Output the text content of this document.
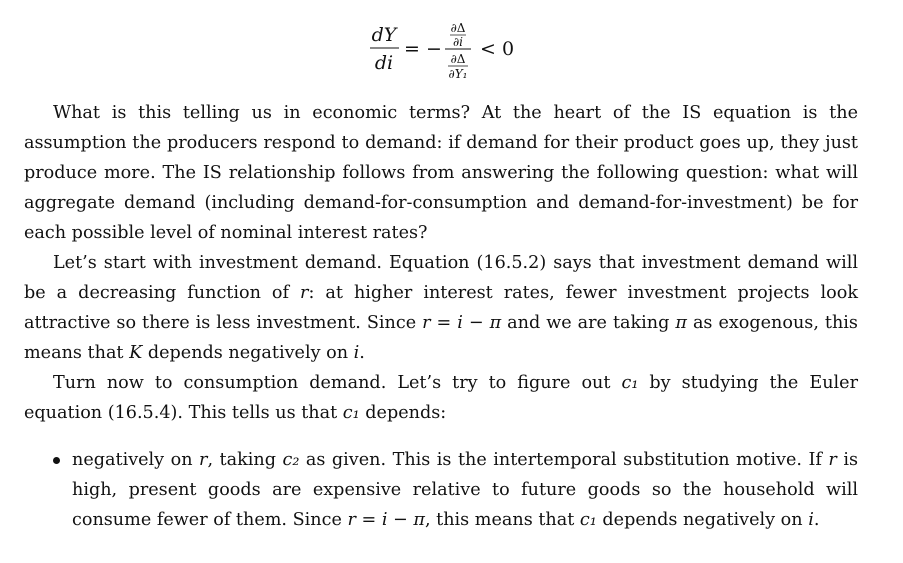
dY
di
= −
∂Δ
∂i
∂Δ
∂Y₁
< 0

What is this telling us in economic terms? At the heart of the IS equation is the assumption the producers respond to demand: if demand for their product goes up, they just produce more. The IS relationship follows from answering the following question: what will aggregate demand (including demand-for-consumption and demand-for-investment) be for each possible level of nominal interest rates?

Let’s start with investment demand. Equation (16.5.2) says that investment demand will be a decreasing function of r: at higher interest rates, fewer investment projects look attractive so there is less investment. Since r = i − π and we are taking π as exogenous, this means that K depends negatively on i.

Turn now to consumption demand. Let’s try to figure out c₁ by studying the Euler equation (16.5.4). This tells us that c₁ depends:

negatively on r, taking c₂ as given. This is the intertemporal substitution motive. If r is high, present goods are expensive relative to future goods so the household will consume fewer of them. Since r = i − π, this means that c₁ depends negatively on i.
